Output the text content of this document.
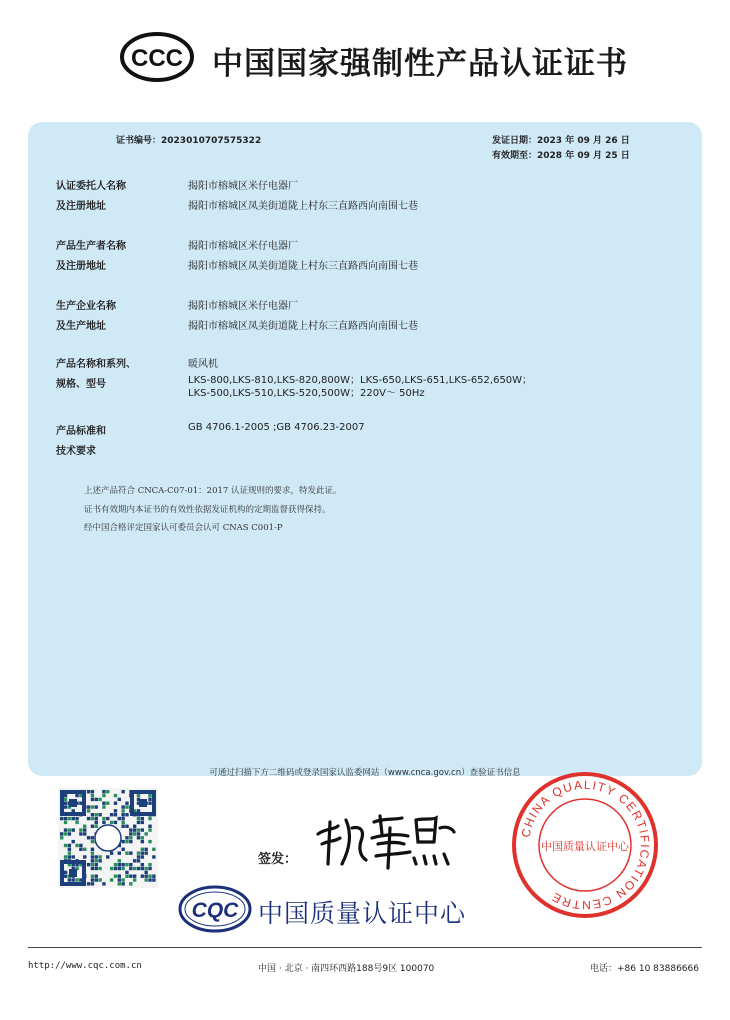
CCC 中国国家强制性产品认证证书
证书编号：2023010707575322	发证日期：2023 年 09 月 26 日
有效期至：2028 年 09 月 25 日
认证委托人名称	揭阳市榕城区米仔电器厂
及注册地址	揭阳市榕城区凤美街道陇上村东三直路西向南围七巷
产品生产者名称	揭阳市榕城区米仔电器厂
及注册地址	揭阳市榕城区凤美街道陇上村东三直路西向南围七巷
生产企业名称	揭阳市榕城区米仔电器厂
及生产地址	揭阳市榕城区凤美街道陇上村东三直路西向南围七巷
产品名称和系列、	暖风机
规格、型号	LKS-800,LKS-810,LKS-820,800W；LKS-650,LKS-651,LKS-652,650W；
LKS-500,LKS-510,LKS-520,500W；220V～ 50Hz
产品标准和	GB 4706.1-2005 ;GB 4706.23-2007
技术要求
上述产品符合 CNCA-C07-01：2017 认证规则的要求，特发此证。
证书有效期内本证书的有效性依据发证机构的定期监督获得保持。
经中国合格评定国家认可委员会认可 CNAS C001-P
可通过扫描下方二维码或登录国家认监委网站（www.cnca.gov.cn）查验证书信息
签发：
CHINA QUALITY CERTIFICATION CENTRE
中国质量认证中心
CQC 中国质量认证中心
http://www.cqc.com.cn	中国 · 北京 · 南四环西路188号9区 100070	电话：+86 10 83886666
